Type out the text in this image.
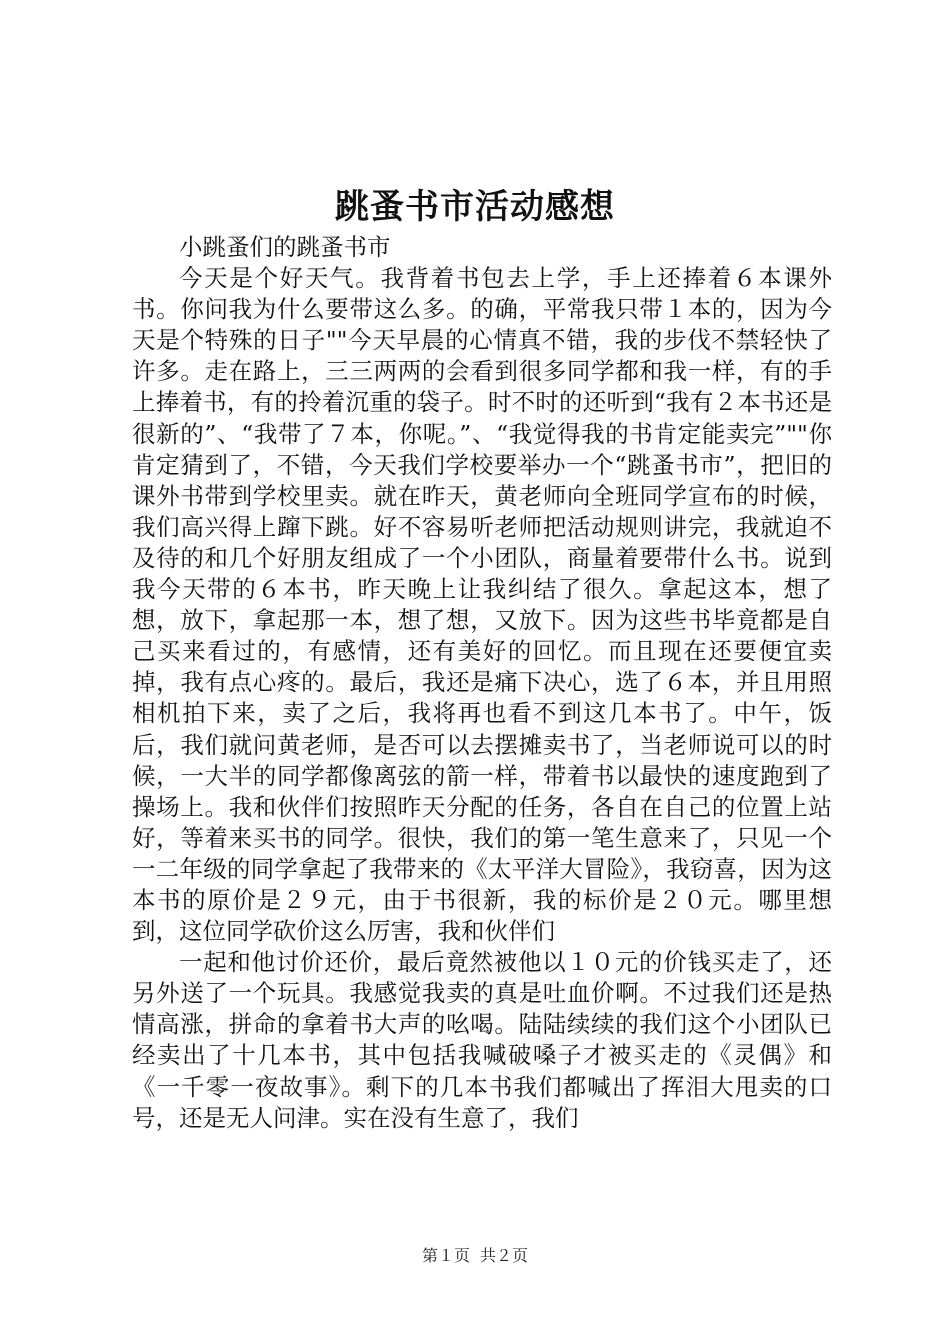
跳蚤书市活动感想

小跳蚤们的跳蚤书市

今天是个好天气。我背着书包去上学，手上还捧着６本课外书。你问我为什么要带这么多。的确，平常我只带１本的，因为今天是个特殊的日子""今天早晨的心情真不错，我的步伐不禁轻快了许多。走在路上，三三两两的会看到很多同学都和我一样，有的手上捧着书，有的拎着沉重的袋子。时不时的还听到“我有２本书还是很新的”、“我带了７本，你呢。”、“我觉得我的书肯定能卖完”""你肯定猜到了，不错，今天我们学校要举办一个“跳蚤书市”，把旧的课外书带到学校里卖。就在昨天，黄老师向全班同学宣布的时候，我们高兴得上蹿下跳。好不容易听老师把活动规则讲完，我就迫不及待的和几个好朋友组成了一个小团队，商量着要带什么书。说到我今天带的６本书，昨天晚上让我纠结了很久。拿起这本，想了想，放下，拿起那一本，想了想，又放下。因为这些书毕竟都是自己买来看过的，有感情，还有美好的回忆。而且现在还要便宜卖掉，我有点心疼的。最后，我还是痛下决心，选了６本，并且用照相机拍下来，卖了之后，我将再也看不到这几本书了。中午，饭后，我们就问黄老师，是否可以去摆摊卖书了，当老师说可以的时候，一大半的同学都像离弦的箭一样，带着书以最快的速度跑到了操场上。我和伙伴们按照昨天分配的任务，各自在自己的位置上站好，等着来买书的同学。很快，我们的第一笔生意来了，只见一个一二年级的同学拿起了我带来的《太平洋大冒险》，我窃喜，因为这本书的原价是２９元，由于书很新，我的标价是２０元。哪里想到，这位同学砍价这么厉害，我和伙伴们

一起和他讨价还价，最后竟然被他以１０元的价钱买走了，还另外送了一个玩具。我感觉我卖的真是吐血价啊。不过我们还是热情高涨，拼命的拿着书大声的吆喝。陆陆续续的我们这个小团队已经卖出了十几本书，其中包括我喊破嗓子才被买走的《灵偶》和《一千零一夜故事》。剩下的几本书我们都喊出了挥泪大甩卖的口号，还是无人问津。实在没有生意了，我们

第１页 共２页
